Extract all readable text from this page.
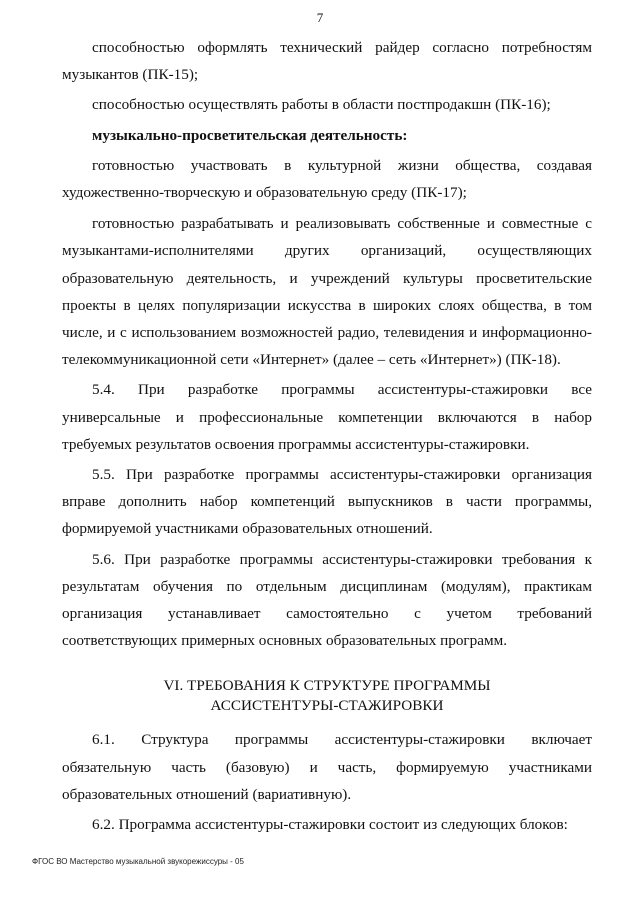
7

способностью оформлять технический райдер согласно потребностям музыкантов (ПК-15);

способностью осуществлять работы в области постпродакшн (ПК-16);

музыкально-просветительская деятельность:

готовностью участвовать в культурной жизни общества, создавая художественно-творческую и образовательную среду (ПК-17);

готовностью разрабатывать и реализовывать собственные и совместные с музыкантами-исполнителями других организаций, осуществляющих образовательную деятельность, и учреждений культуры просветительские проекты в целях популяризации искусства в широких слоях общества, в том числе, и с использованием возможностей радио, телевидения и информационно-телекоммуникационной сети «Интернет» (далее – сеть «Интернет») (ПК-18).

5.4. При разработке программы ассистентуры-стажировки все универсальные и профессиональные компетенции включаются в набор требуемых результатов освоения программы ассистентуры-стажировки.

5.5. При разработке программы ассистентуры-стажировки организация вправе дополнить набор компетенций выпускников в части программы, формируемой участниками образовательных отношений.

5.6. При разработке программы ассистентуры-стажировки требования к результатам обучения по отдельным дисциплинам (модулям), практикам организация устанавливает самостоятельно с учетом требований соответствующих примерных основных образовательных программ.

VI. ТРЕБОВАНИЯ К СТРУКТУРЕ ПРОГРАММЫ
АССИСТЕНТУРЫ-СТАЖИРОВКИ

6.1. Структура программы ассистентуры-стажировки включает обязательную часть (базовую) и часть, формируемую участниками образовательных отношений (вариативную).

6.2. Программа ассистентуры-стажировки состоит из следующих блоков:

ФГОС ВО Мастерство музыкальной звукорежиссуры - 05
